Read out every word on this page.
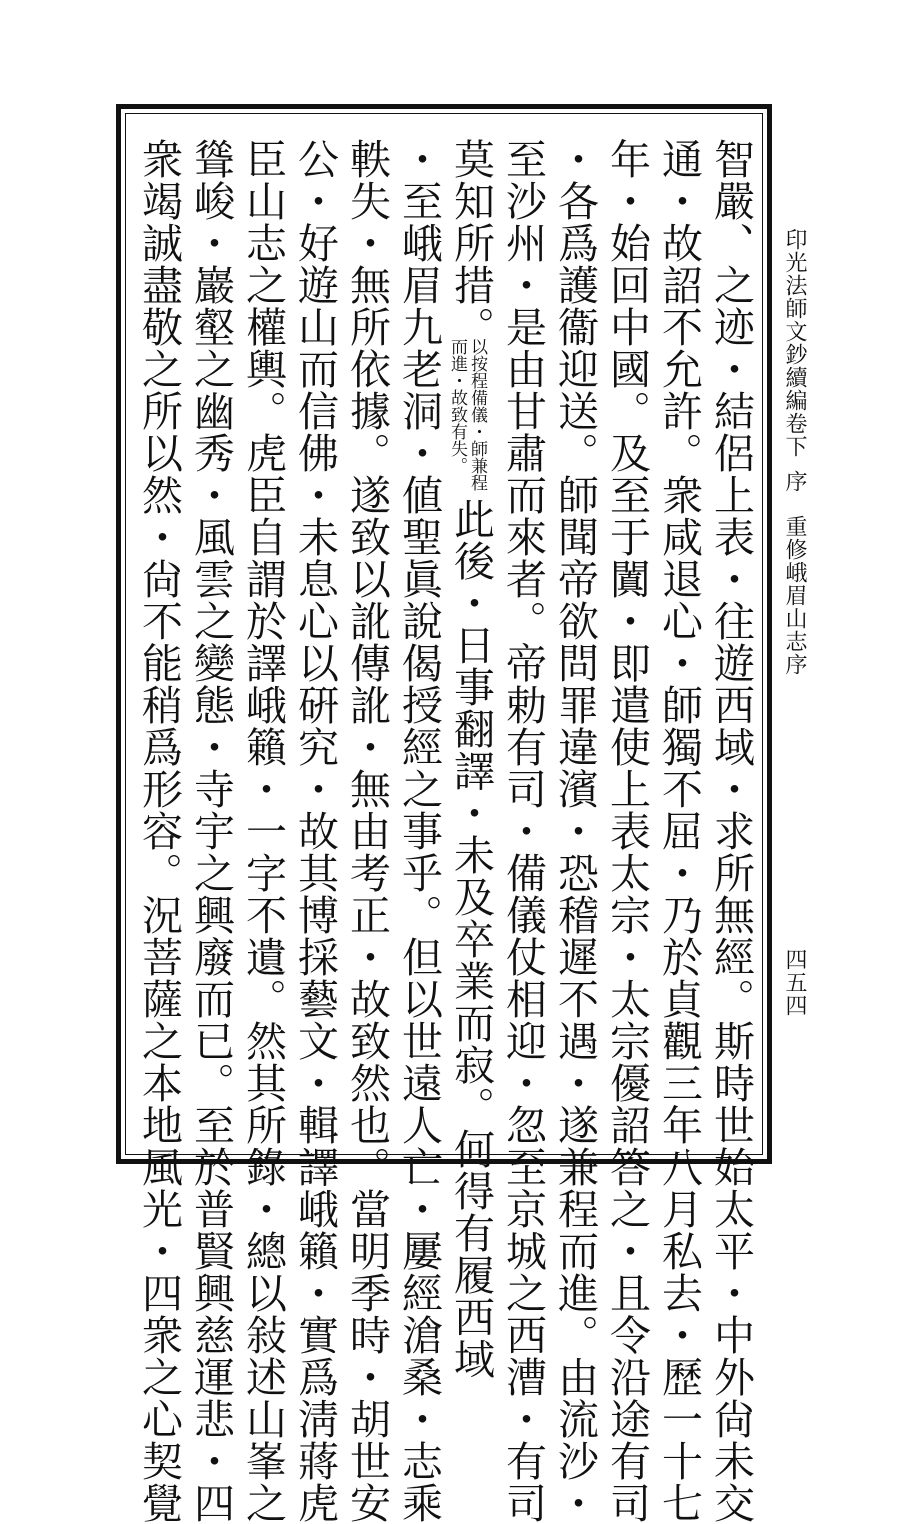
印光法師文鈔續編卷下
序
重修峨眉山志序
四五四
智嚴、之迹・結侶上表・往遊西域・求所無經。斯時世始太平・中外尙未交
通・故詔不允許。衆咸退心・師獨不屈・乃於貞觀三年八月私去・歷一十七
年・始回中國。及至于闐・即遣使上表太宗・太宗優詔答之・且令沿途有司
・各爲護衞迎送。師聞帝欲問罪違濱・恐稽遲不遇・遂兼程而進。由流沙・
至沙州・是由甘肅而來者。帝勅有司・備儀仗相迎・忽至京城之西漕・有司
莫知所措。
以按程備儀・師兼程
而進・故致有失。
此後・日事翻譯・未及卒業而寂。何得有履西域
・至峨眉九老洞・値聖眞說偈授經之事乎。但以世遠人亡・屢經滄桑・志乘
軼失・無所依據。遂致以訛傳訛・無由考正・故致然也。當明季時・胡世安
公・好遊山而信佛・未息心以硏究・故其博採藝文・輯譯峨籟・實爲淸蔣虎
臣山志之權輿。虎臣自謂於譯峨籟・一字不遺。然其所錄・總以敍述山峯之
聳峻・巖壑之幽秀・風雲之變態・寺宇之興廢而已。至於普賢興慈運悲・四
衆竭誠盡敬之所以然・尙不能稍爲形容。況菩薩之本地風光・四衆之心契覺
